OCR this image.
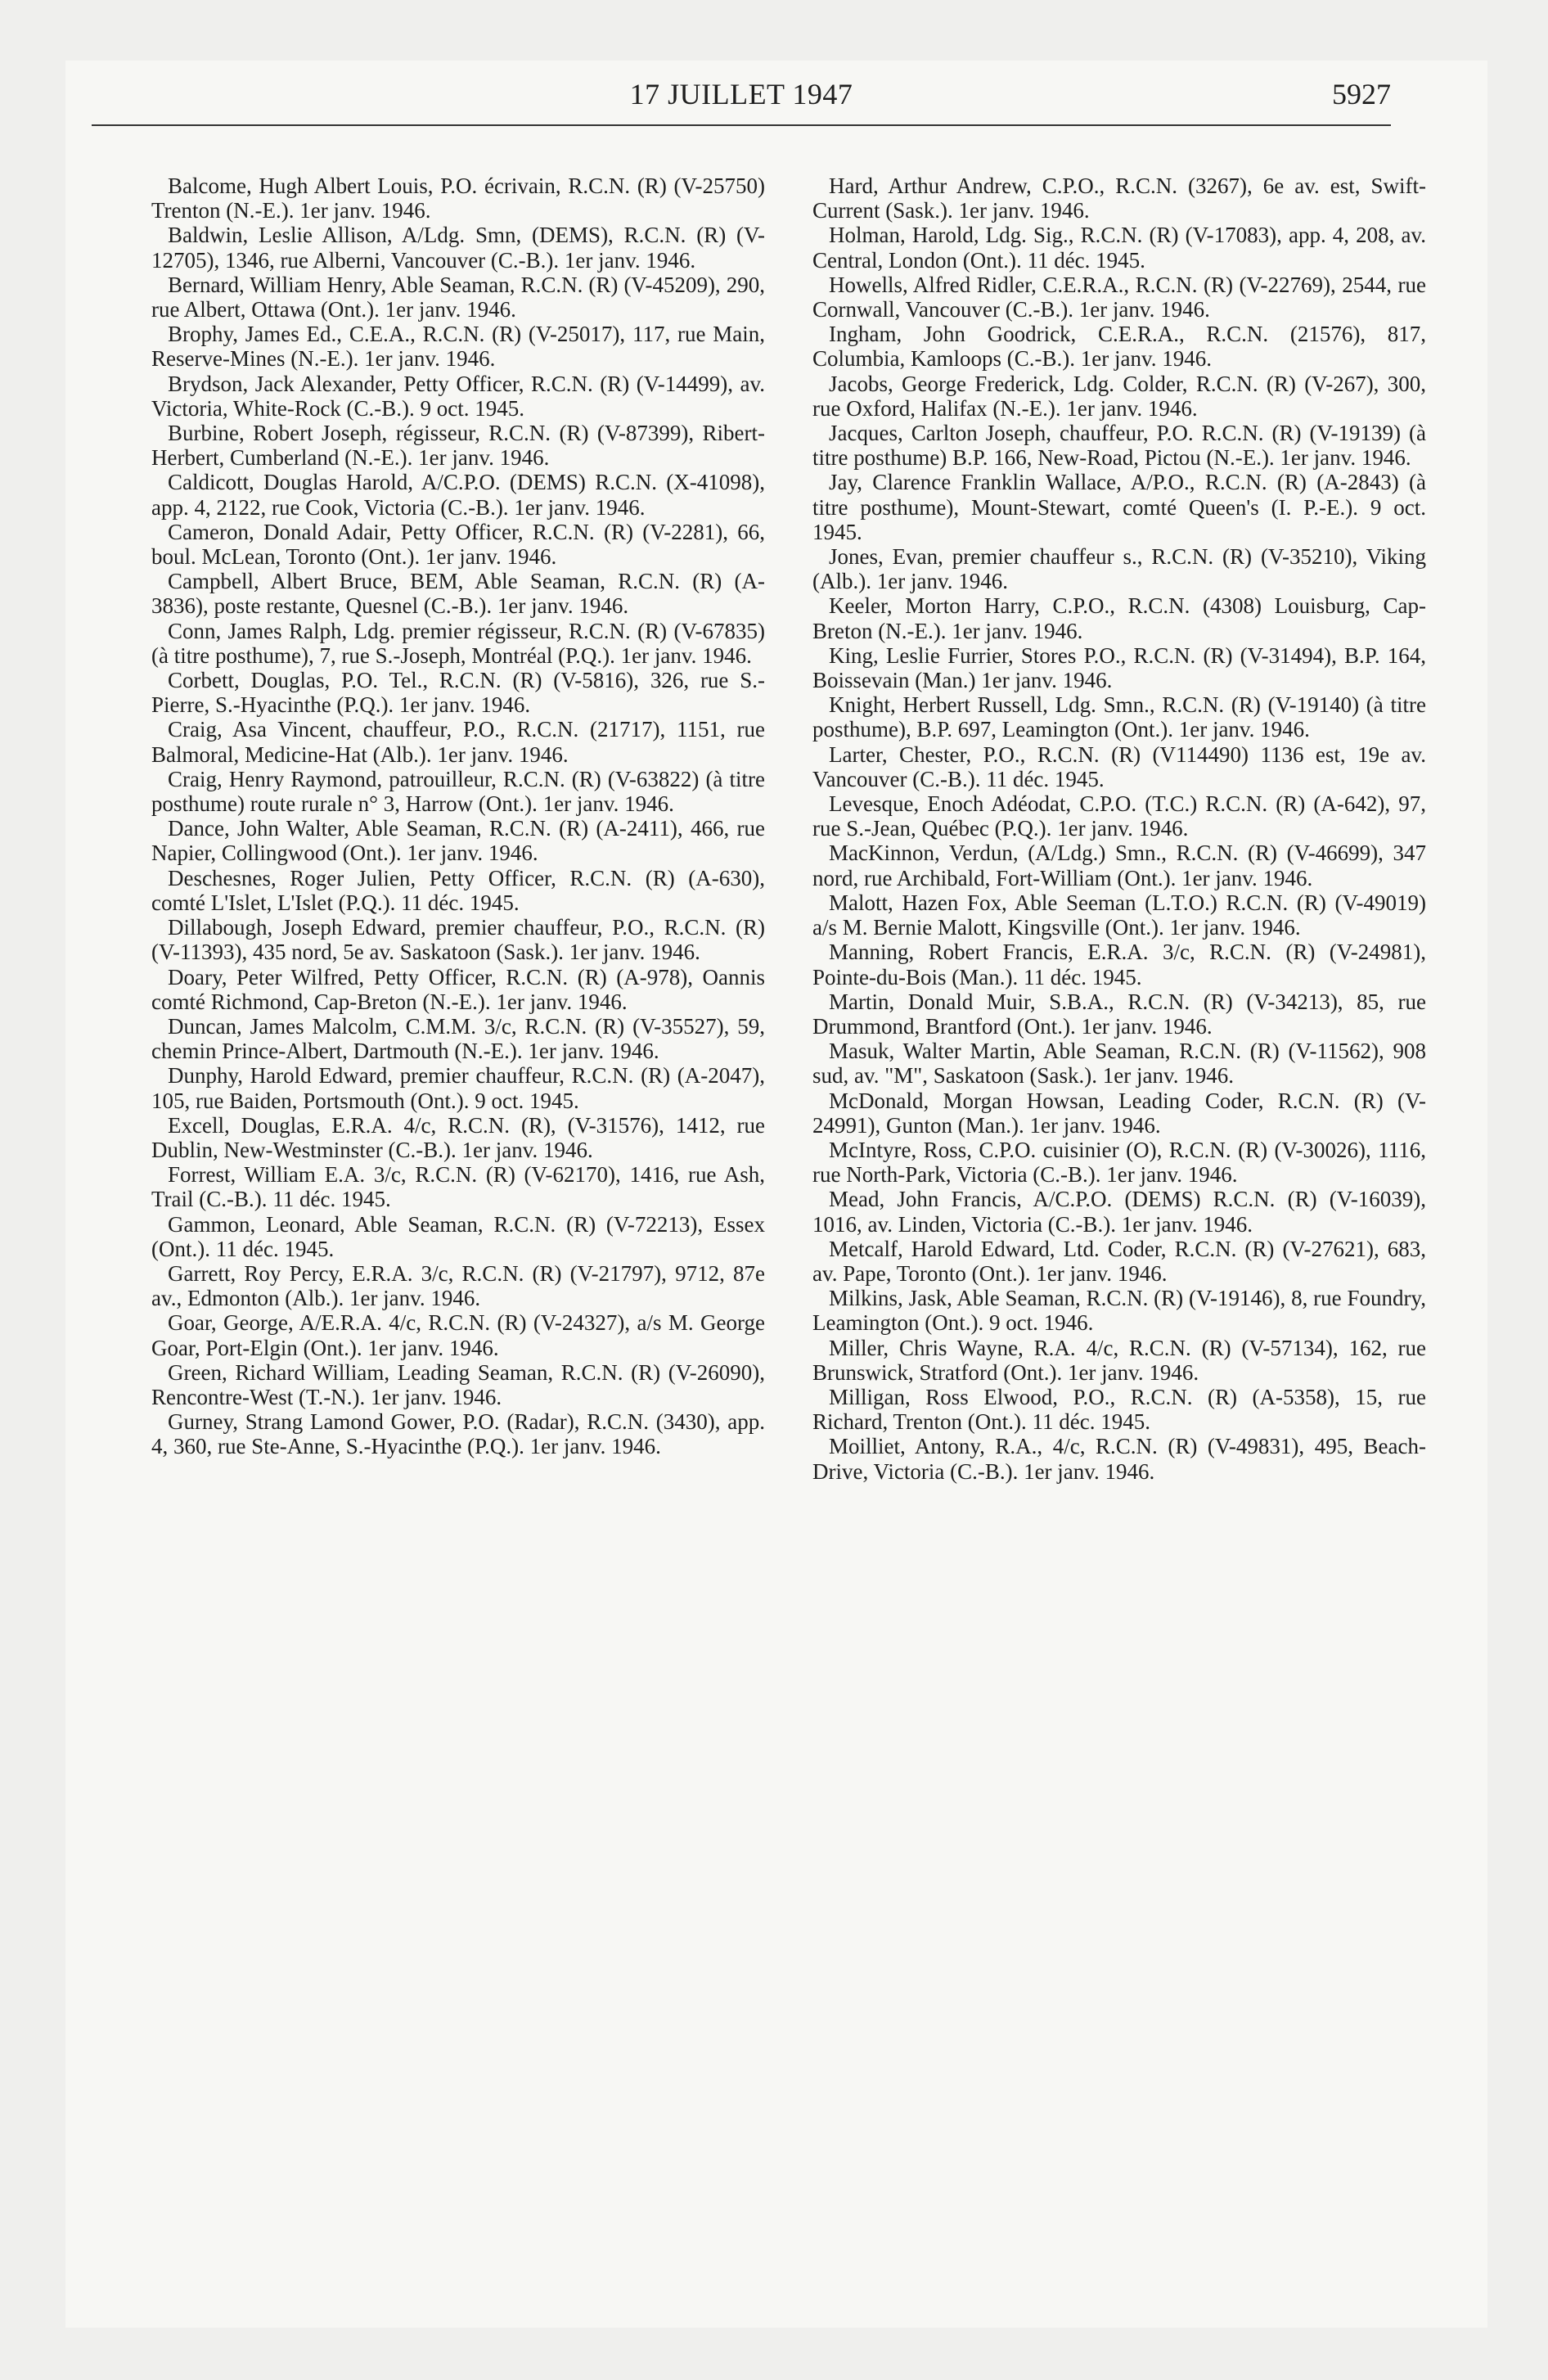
17 JUILLET 1947	5927

Balcome, Hugh Albert Louis, P.O. écrivain, R.C.N. (R) (V-25750) Trenton (N.-E.). 1er janv. 1946.

Baldwin, Leslie Allison, A/Ldg. Smn, (DEMS), R.C.N. (R) (V-12705), 1346, rue Alberni, Vancouver (C.-B.). 1er janv. 1946.

Bernard, William Henry, Able Seaman, R.C.N. (R) (V-45209), 290, rue Albert, Ottawa (Ont.). 1er janv. 1946.

Brophy, James Ed., C.E.A., R.C.N. (R) (V-25017), 117, rue Main, Reserve-Mines (N.-E.). 1er janv. 1946.

Brydson, Jack Alexander, Petty Officer, R.C.N. (R) (V-14499), av. Victoria, White-Rock (C.-B.). 9 oct. 1945.

Burbine, Robert Joseph, régisseur, R.C.N. (R) (V-87399), Ribert-Herbert, Cumberland (N.-E.). 1er janv. 1946.

Caldicott, Douglas Harold, A/C.P.O. (DEMS) R.C.N. (X-41098), app. 4, 2122, rue Cook, Victoria (C.-B.). 1er janv. 1946.

Cameron, Donald Adair, Petty Officer, R.C.N. (R) (V-2281), 66, boul. McLean, Toronto (Ont.). 1er janv. 1946.

Campbell, Albert Bruce, BEM, Able Seaman, R.C.N. (R) (A-3836), poste restante, Quesnel (C.-B.). 1er janv. 1946.

Conn, James Ralph, Ldg. premier régisseur, R.C.N. (R) (V-67835) (à titre posthume), 7, rue S.-Joseph, Montréal (P.Q.). 1er janv. 1946.

Corbett, Douglas, P.O. Tel., R.C.N. (R) (V-5816), 326, rue S.-Pierre, S.-Hyacinthe (P.Q.). 1er janv. 1946.

Craig, Asa Vincent, chauffeur, P.O., R.C.N. (21717), 1151, rue Balmoral, Medicine-Hat (Alb.). 1er janv. 1946.

Craig, Henry Raymond, patrouilleur, R.C.N. (R) (V-63822) (à titre posthume) route rurale n° 3, Harrow (Ont.). 1er janv. 1946.

Dance, John Walter, Able Seaman, R.C.N. (R) (A-2411), 466, rue Napier, Collingwood (Ont.). 1er janv. 1946.

Deschesnes, Roger Julien, Petty Officer, R.C.N. (R) (A-630), comté L'Islet, L'Islet (P.Q.). 11 déc. 1945.

Dillabough, Joseph Edward, premier chauffeur, P.O., R.C.N. (R) (V-11393), 435 nord, 5e av. Saskatoon (Sask.). 1er janv. 1946.

Doary, Peter Wilfred, Petty Officer, R.C.N. (R) (A-978), Oannis comté Richmond, Cap-Breton (N.-E.). 1er janv. 1946.

Duncan, James Malcolm, C.M.M. 3/c, R.C.N. (R) (V-35527), 59, chemin Prince-Albert, Dartmouth (N.-E.). 1er janv. 1946.

Dunphy, Harold Edward, premier chauffeur, R.C.N. (R) (A-2047), 105, rue Baiden, Portsmouth (Ont.). 9 oct. 1945.

Excell, Douglas, E.R.A. 4/c, R.C.N. (R), (V-31576), 1412, rue Dublin, New-Westminster (C.-B.). 1er janv. 1946.

Forrest, William E.A. 3/c, R.C.N. (R) (V-62170), 1416, rue Ash, Trail (C.-B.). 11 déc. 1945.

Gammon, Leonard, Able Seaman, R.C.N. (R) (V-72213), Essex (Ont.). 11 déc. 1945.

Garrett, Roy Percy, E.R.A. 3/c, R.C.N. (R) (V-21797), 9712, 87e av., Edmonton (Alb.). 1er janv. 1946.

Goar, George, A/E.R.A. 4/c, R.C.N. (R) (V-24327), a/s M. George Goar, Port-Elgin (Ont.). 1er janv. 1946.

Green, Richard William, Leading Seaman, R.C.N. (R) (V-26090), Rencontre-West (T.-N.). 1er janv. 1946.

Gurney, Strang Lamond Gower, P.O. (Radar), R.C.N. (3430), app. 4, 360, rue Ste-Anne, S.-Hyacinthe (P.Q.). 1er janv. 1946.

Hard, Arthur Andrew, C.P.O., R.C.N. (3267), 6e av. est, Swift-Current (Sask.). 1er janv. 1946.

Holman, Harold, Ldg. Sig., R.C.N. (R) (V-17083), app. 4, 208, av. Central, London (Ont.). 11 déc. 1945.

Howells, Alfred Ridler, C.E.R.A., R.C.N. (R) (V-22769), 2544, rue Cornwall, Vancouver (C.-B.). 1er janv. 1946.

Ingham, John Goodrick, C.E.R.A., R.C.N. (21576), 817, Columbia, Kamloops (C.-B.). 1er janv. 1946.

Jacobs, George Frederick, Ldg. Colder, R.C.N. (R) (V-267), 300, rue Oxford, Halifax (N.-E.). 1er janv. 1946.

Jacques, Carlton Joseph, chauffeur, P.O. R.C.N. (R) (V-19139) (à titre posthume) B.P. 166, New-Road, Pictou (N.-E.). 1er janv. 1946.

Jay, Clarence Franklin Wallace, A/P.O., R.C.N. (R) (A-2843) (à titre posthume), Mount-Stewart, comté Queen's (I. P.-E.). 9 oct. 1945.

Jones, Evan, premier chauffeur s., R.C.N. (R) (V-35210), Viking (Alb.). 1er janv. 1946.

Keeler, Morton Harry, C.P.O., R.C.N. (4308) Louisburg, Cap-Breton (N.-E.). 1er janv. 1946.

King, Leslie Furrier, Stores P.O., R.C.N. (R) (V-31494), B.P. 164, Boissevain (Man.) 1er janv. 1946.

Knight, Herbert Russell, Ldg. Smn., R.C.N. (R) (V-19140) (à titre posthume), B.P. 697, Leamington (Ont.). 1er janv. 1946.

Larter, Chester, P.O., R.C.N. (R) (V114490) 1136 est, 19e av. Vancouver (C.-B.). 11 déc. 1945.

Levesque, Enoch Adéodat, C.P.O. (T.C.) R.C.N. (R) (A-642), 97, rue S.-Jean, Québec (P.Q.). 1er janv. 1946.

MacKinnon, Verdun, (A/Ldg.) Smn., R.C.N. (R) (V-46699), 347 nord, rue Archibald, Fort-William (Ont.). 1er janv. 1946.

Malott, Hazen Fox, Able Seeman (L.T.O.) R.C.N. (R) (V-49019) a/s M. Bernie Malott, Kingsville (Ont.). 1er janv. 1946.

Manning, Robert Francis, E.R.A. 3/c, R.C.N. (R) (V-24981), Pointe-du-Bois (Man.). 11 déc. 1945.

Martin, Donald Muir, S.B.A., R.C.N. (R) (V-34213), 85, rue Drummond, Brantford (Ont.). 1er janv. 1946.

Masuk, Walter Martin, Able Seaman, R.C.N. (R) (V-11562), 908 sud, av. "M", Saskatoon (Sask.). 1er janv. 1946.

McDonald, Morgan Howsan, Leading Coder, R.C.N. (R) (V-24991), Gunton (Man.). 1er janv. 1946.

McIntyre, Ross, C.P.O. cuisinier (O), R.C.N. (R) (V-30026), 1116, rue North-Park, Victoria (C.-B.). 1er janv. 1946.

Mead, John Francis, A/C.P.O. (DEMS) R.C.N. (R) (V-16039), 1016, av. Linden, Victoria (C.-B.). 1er janv. 1946.

Metcalf, Harold Edward, Ltd. Coder, R.C.N. (R) (V-27621), 683, av. Pape, Toronto (Ont.). 1er janv. 1946.

Milkins, Jask, Able Seaman, R.C.N. (R) (V-19146), 8, rue Foundry, Leamington (Ont.). 9 oct. 1946.

Miller, Chris Wayne, R.A. 4/c, R.C.N. (R) (V-57134), 162, rue Brunswick, Stratford (Ont.). 1er janv. 1946.

Milligan, Ross Elwood, P.O., R.C.N. (R) (A-5358), 15, rue Richard, Trenton (Ont.). 11 déc. 1945.

Moilliet, Antony, R.A., 4/c, R.C.N. (R) (V-49831), 495, Beach-Drive, Victoria (C.-B.). 1er janv. 1946.
